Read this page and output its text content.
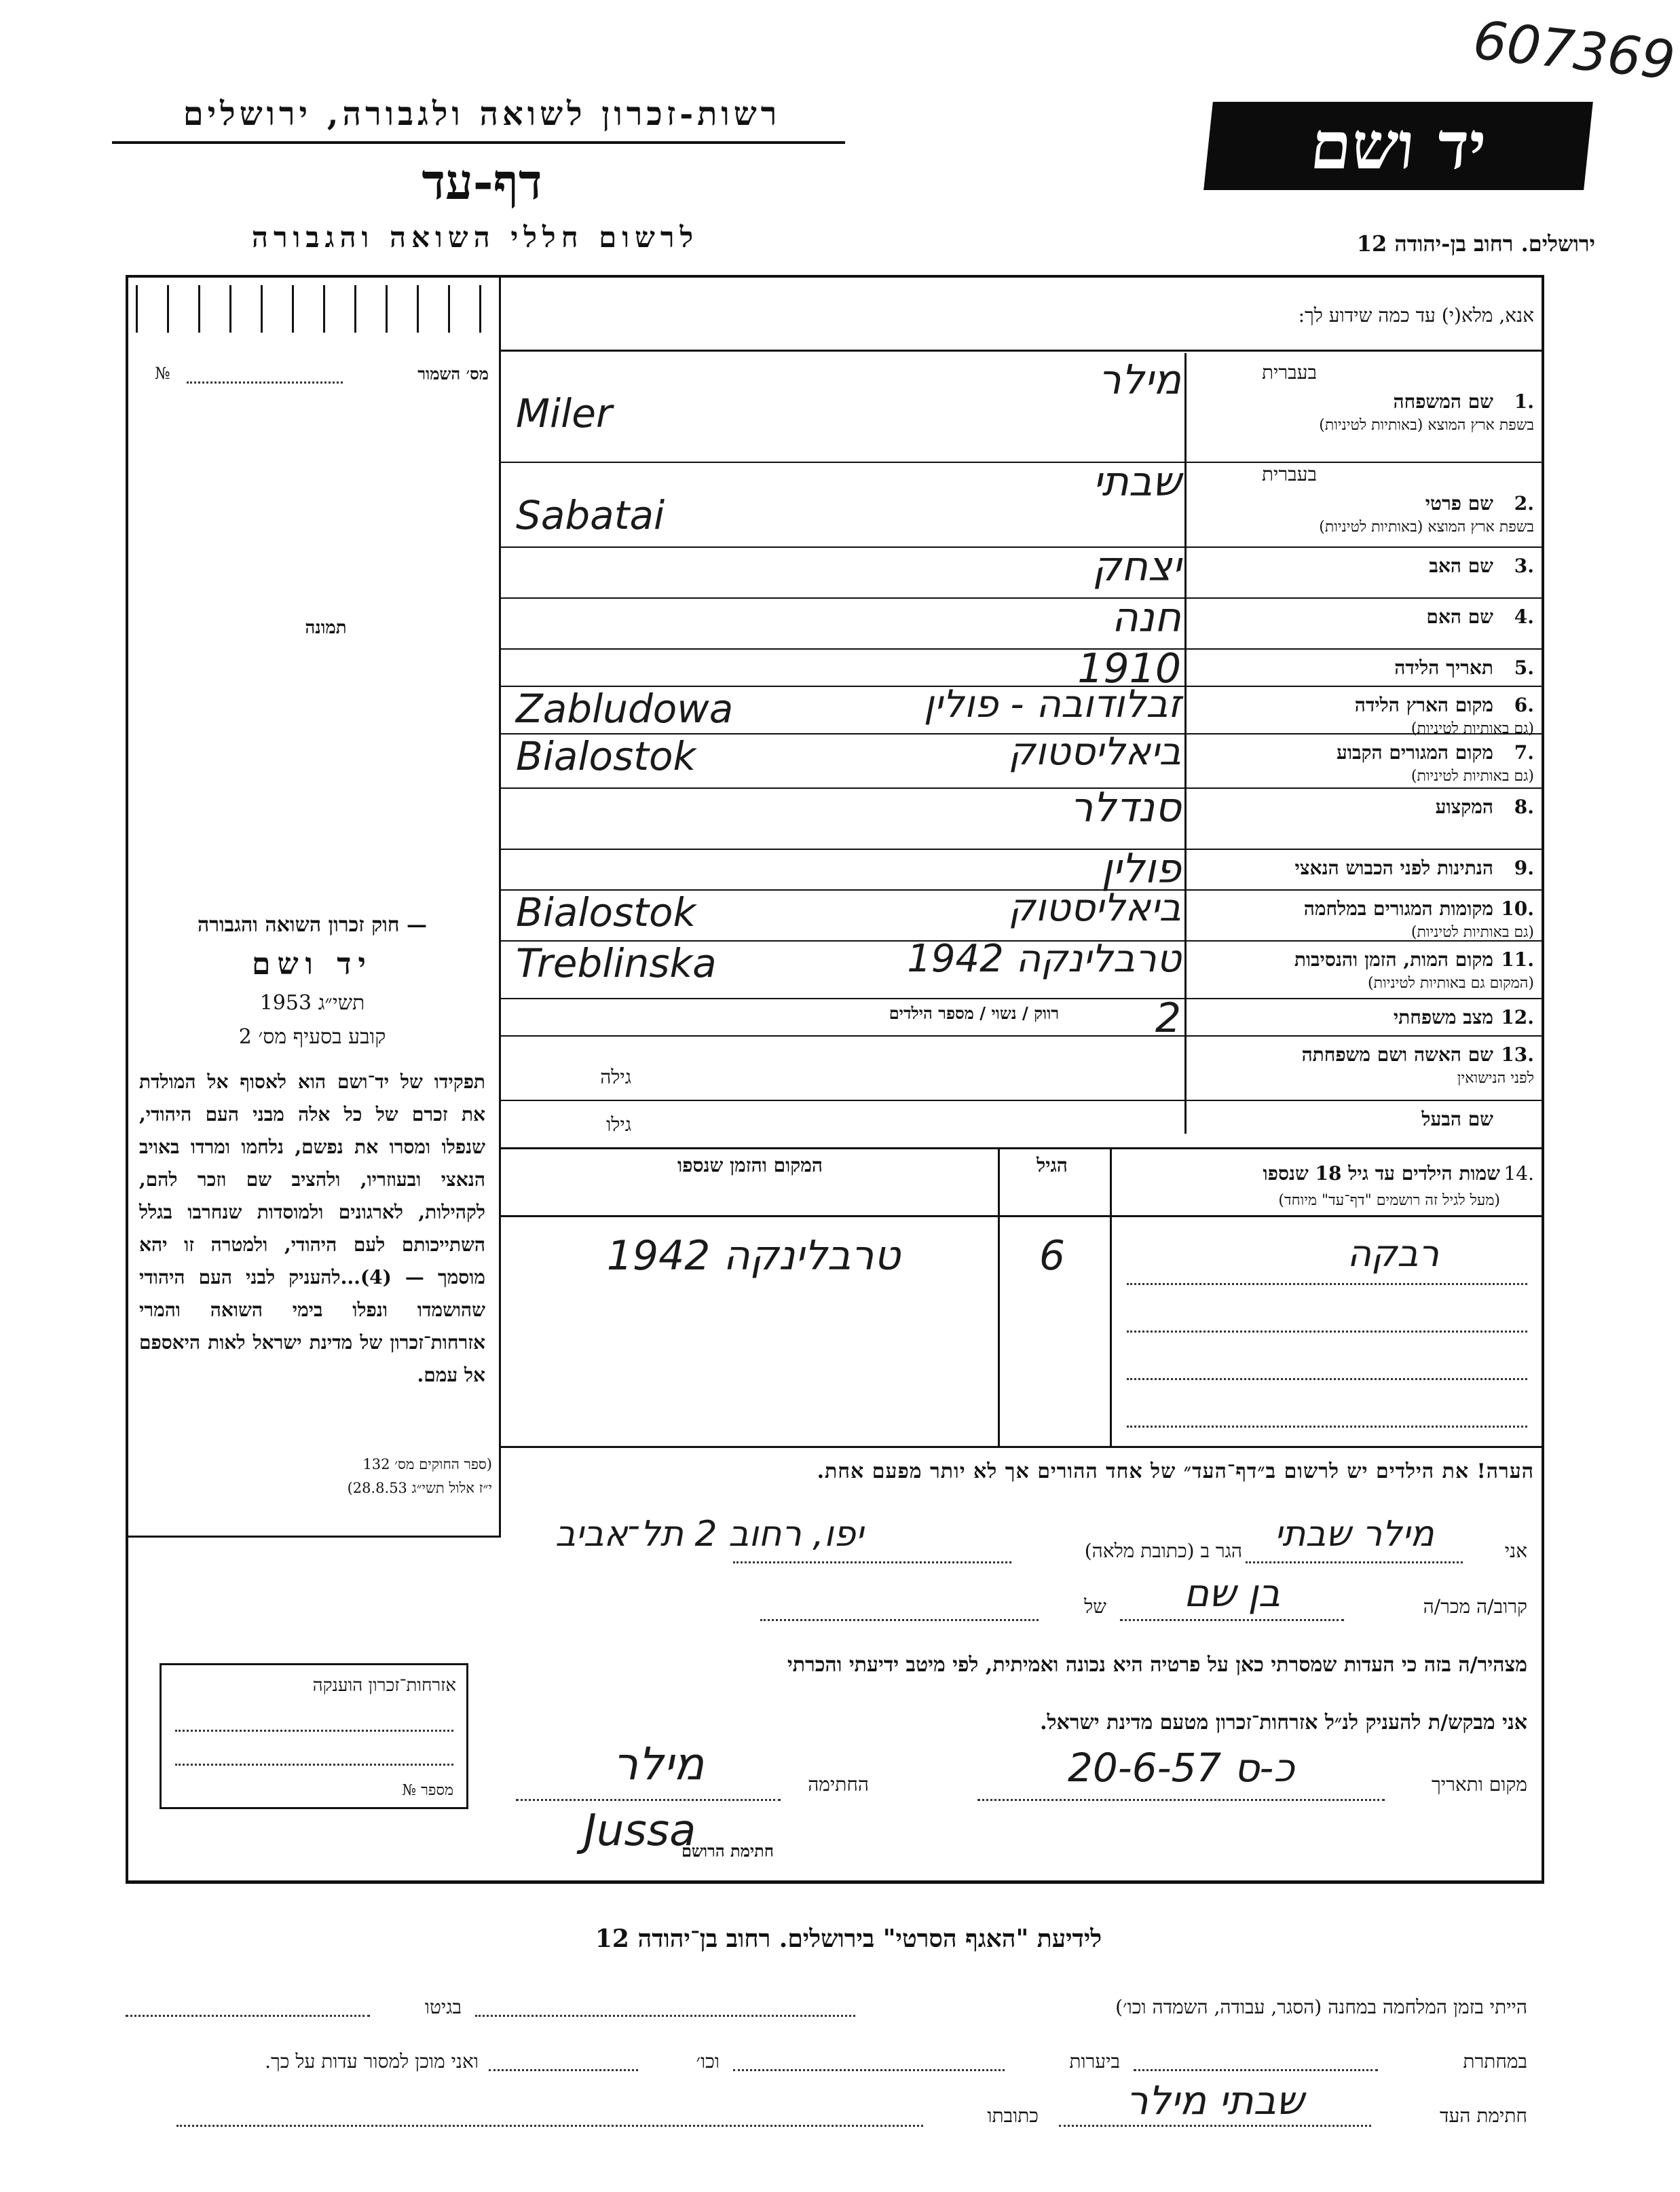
607369
רשות-זכרון לשואה ולגבורה, ירושלים
דף-עד
לרשום חללי השואה והגבורה
יד ושם
ירושלים. רחוב בן-יהודה 12
אנא, מלא(י) עד כמה שידוע לך:
מס׳ השמור
№
תמונה
— חוק זכרון השואה והגבורה
יד ושם
תשי״ג 1953
קובע בסעיף מס׳ 2
תפקידו של יד־ושם הוא לאסוף אל המולדת את זכרם של כל אלה מבני העם היהודי, שנפלו ומסרו את נפשם, נלחמו ומרדו באויב הנאצי ובעוזריו, ולהציב שם וזכר להם, לקהילות, לארגונים ולמוסדות שנחרבו בגלל השתייכותם לעם היהודי, ולמטרה זו יהא מוסמך — (4)...להעניק לבני העם היהודי שהושמדו ונפלו בימי השואה והמרי אזרחות־זכרון של מדינת ישראל לאות היאספם אל עמם.
(ספר החוקים מס׳ 132
י״ז אלול תשי״ג 28.8.53)
אזרחות־זכרון הוענקה
מספר №
1.
שם המשפחה
בשפת ארץ המוצא (באותיות לטיניות)
בעברית
מילר
Miler
2.
שם פרטי
בשפת ארץ המוצא (באותיות לטיניות)
בעברית
שבתי
Sabatai
3.
שם האב
יצחק
4.
שם האם
חנה
5.
תאריך הלידה
1910
6.
מקום הארץ הלידה
(גם באותיות לטיניות)
זבלודובה - פולין
Zabludowa
7.
מקום המגורים הקבוע
(גם באותיות לטיניות)
ביאליסטוק
Bialostok
8.
המקצוע
סנדלר
9.
הנתינות לפני הכבוש הנאצי
פולין
10.
מקומות המגורים במלחמה
(גם באותיות לטיניות)
ביאליסטוק
Bialostok
11.
מקום המות, הזמן והנסיבות
(המקום גם באותיות לטיניות)
טרבלינקה 1942
Treblinska
12.
מצב משפחתי
2
רווק / נשוי / מספר הילדים
13.
שם האשה ושם משפחתה
לפני הנישואין
גילה
שם הבעל
גילו
14.
שמות הילדים עד גיל 18 שנספו
(מעל לגיל זה רושמים "דף־עד" מיוחד)
הגיל
המקום והזמן שנספו
רבקה
6
טרבלינקה 1942
הערה! את הילדים יש לרשום ב״דף־העד״ של אחד ההורים אך לא יותר מפעם אחת.
אני
מילר שבתי
הגר ב (כתובת מלאה)
יפו, רחוב 2 תל־אביב
קרוב/ה מכר/ה
בן שם
של
מצהיר/ה בזה כי העדות שמסרתי כאן על פרטיה היא נכונה ואמיתית, לפי מיטב ידיעתי והכרתי
אני מבקש/ת להעניק לנ״ל אזרחות־זכרון מטעם מדינת ישראל.
מקום ותאריך
20-6-57 כ-ס
החתימה
מילר
חתימת הרושם
Jussa
לידיעת "האגף הסרטי" בירושלים. רחוב בן־יהודה 12
הייתי בזמן המלחמה במחנה (הסגר, עבודה, השמדה וכו׳)
בגיטו
במחתרת
ביערות
וכו׳
ואני מוכן למסור עדות על כך.
חתימת העד
שבתי מילר
כתובתו
